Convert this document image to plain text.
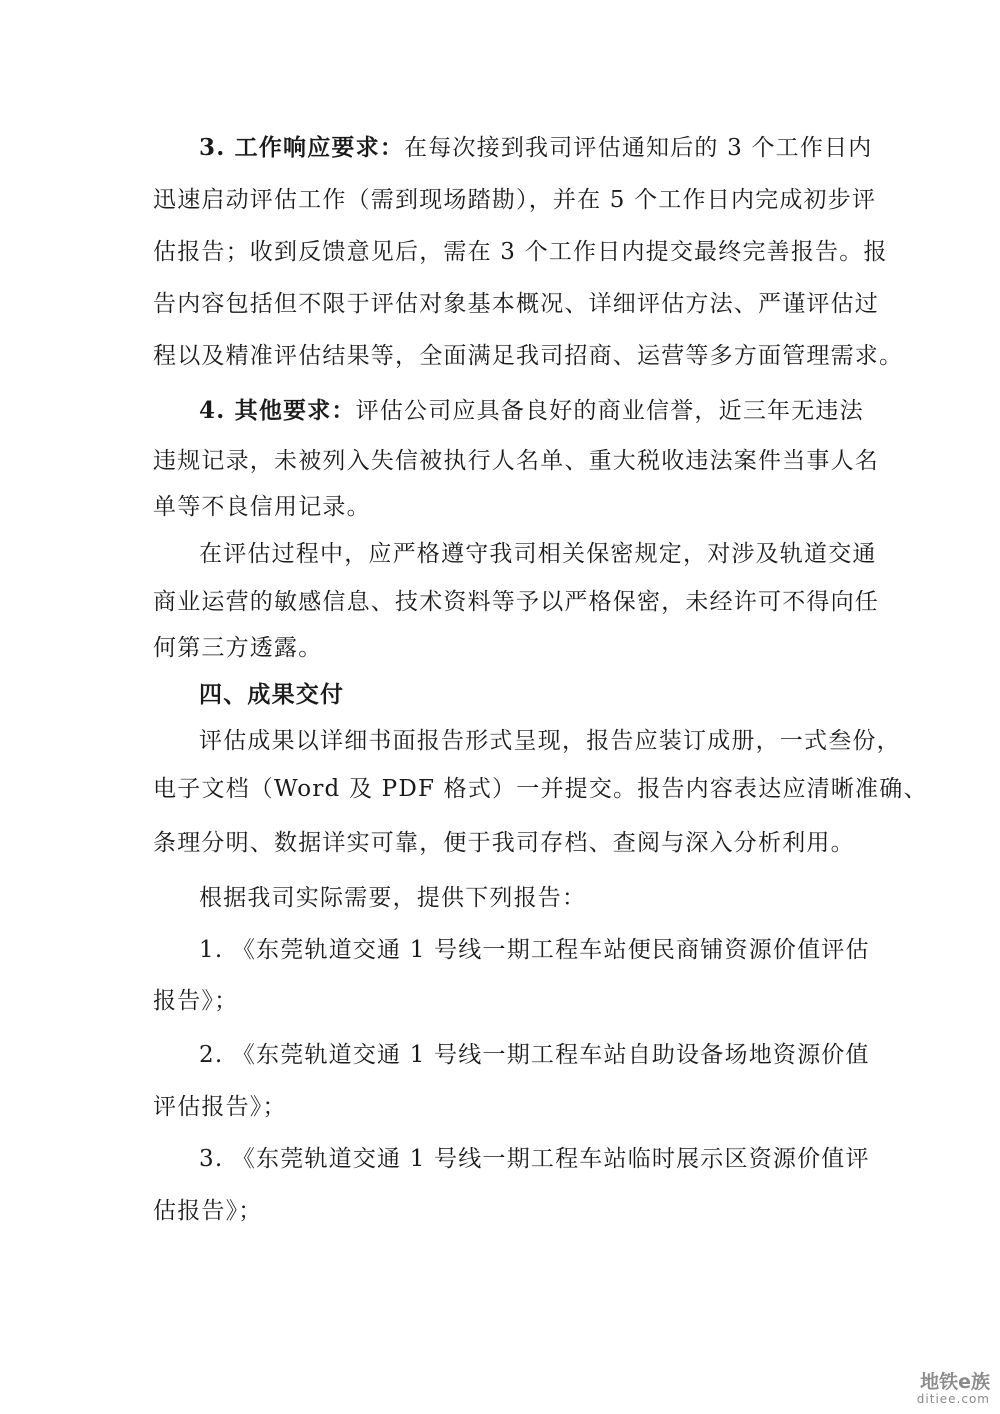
3. 工作响应要求：在每次接到我司评估通知后的 3 个工作日内
迅速启动评估工作（需到现场踏勘），并在 5 个工作日内完成初步评
估报告；收到反馈意见后，需在 3 个工作日内提交最终完善报告。报
告内容包括但不限于评估对象基本概况、详细评估方法、严谨评估过
程以及精准评估结果等，全面满足我司招商、运营等多方面管理需求。
4. 其他要求：评估公司应具备良好的商业信誉，近三年无违法
违规记录，未被列入失信被执行人名单、重大税收违法案件当事人名
单等不良信用记录。
在评估过程中，应严格遵守我司相关保密规定，对涉及轨道交通
商业运营的敏感信息、技术资料等予以严格保密，未经许可不得向任
何第三方透露。
四、成果交付
评估成果以详细书面报告形式呈现，报告应装订成册，一式叁份，
电子文档（Word 及 PDF 格式）一并提交。报告内容表达应清晰准确、
条理分明、数据详实可靠，便于我司存档、查阅与深入分析利用。
根据我司实际需要，提供下列报告：
1. 《东莞轨道交通 1 号线一期工程车站便民商铺资源价值评估
报告》；
2. 《东莞轨道交通 1 号线一期工程车站自助设备场地资源价值
评估报告》；
3. 《东莞轨道交通 1 号线一期工程车站临时展示区资源价值评
估报告》；
地铁e族
ditiee.com
